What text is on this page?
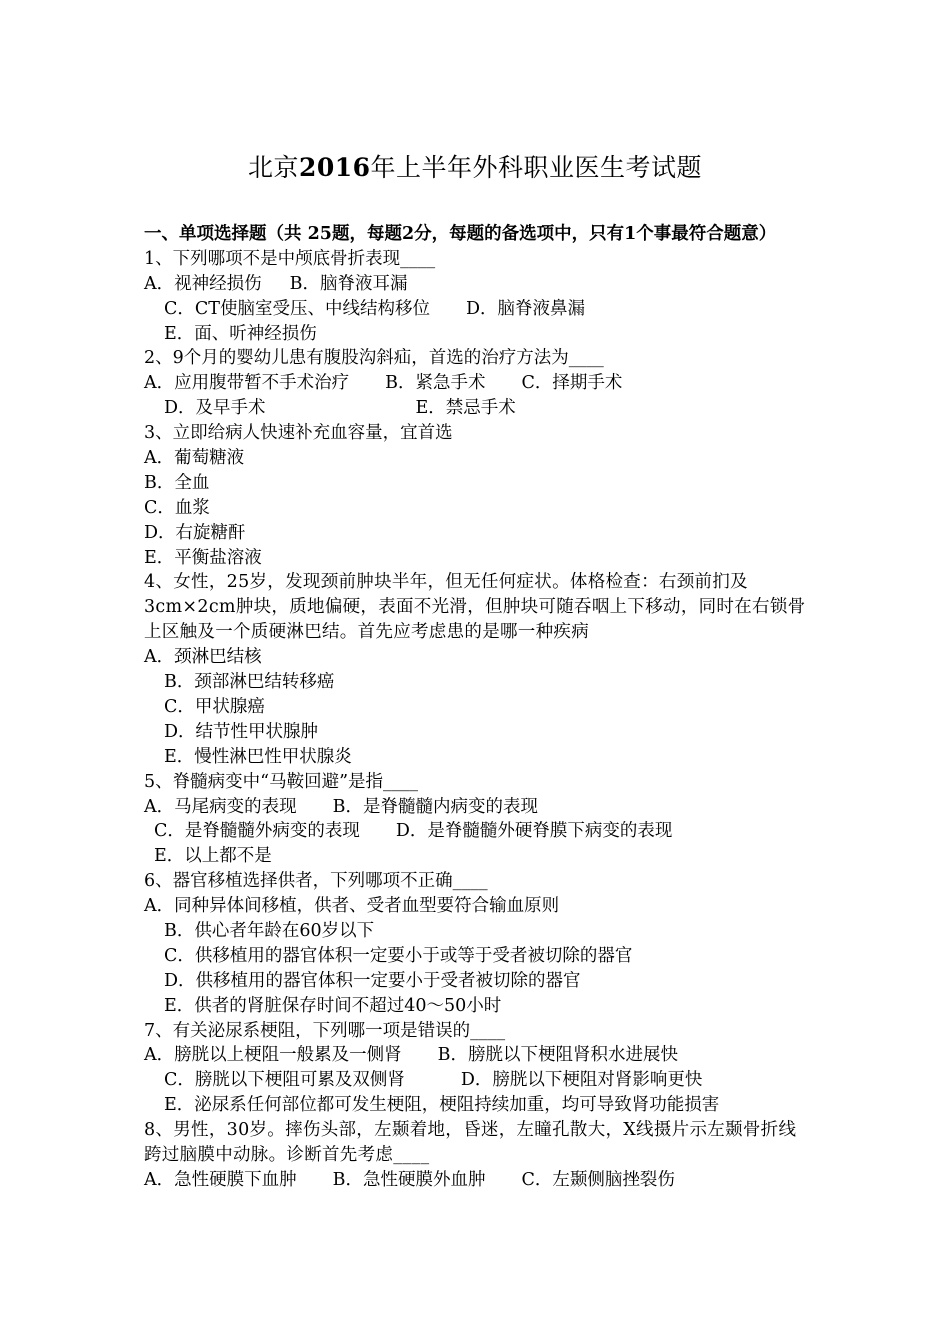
北京2016年上半年外科职业医生考试题
一、单项选择题（共 25题，每题2分，每题的备选项中，只有1个事最符合题意）
1、下列哪项不是中颅底骨折表现____
A．视神经损伤 B．脑脊液耳漏
C．CT使脑室受压、中线结构移位 D．脑脊液鼻漏
E．面、听神经损伤
2、9个月的婴幼儿患有腹股沟斜疝，首选的治疗方法为____
A．应用腹带暂不手术治疗 B．紧急手术 C．择期手术
D．及早手术	E．禁忌手术
3、立即给病人快速补充血容量，宜首选
A．葡萄糖液
B．全血
C．血浆
D．右旋糖酐
E．平衡盐溶液
4、女性，25岁，发现颈前肿块半年，但无任何症状。体格检查：右颈前扪及3cm×2cm肿块，质地偏硬，表面不光滑，但肿块可随吞咽上下移动，同时在右锁骨上区触及一个质硬淋巴结。首先应考虑患的是哪一种疾病
A．颈淋巴结核
B．颈部淋巴结转移癌
C．甲状腺癌
D．结节性甲状腺肿
E．慢性淋巴性甲状腺炎
5、脊髓病变中“马鞍回避”是指____
A．马尾病变的表现 B．是脊髓髓内病变的表现
C．是脊髓髓外病变的表现 D．是脊髓髓外硬脊膜下病变的表现
E．以上都不是
6、器官移植选择供者，下列哪项不正确____
A．同种异体间移植，供者、受者血型要符合输血原则
B．供心者年龄在60岁以下
C．供移植用的器官体积一定要小于或等于受者被切除的器官
D．供移植用的器官体积一定要小于受者被切除的器官
E．供者的肾脏保存时间不超过40～50小时
7、有关泌尿系梗阻，下列哪一项是错误的____
A．膀胱以上梗阻一般累及一侧肾 B．膀胱以下梗阻肾积水进展快
C．膀胱以下梗阻可累及双侧肾	D．膀胱以下梗阻对肾影响更快
E．泌尿系任何部位都可发生梗阻，梗阻持续加重，均可导致肾功能损害
8、男性，30岁。摔伤头部，左颞着地，昏迷，左瞳孔散大，X线摄片示左颞骨折线跨过脑膜中动脉。诊断首先考虑____
A．急性硬膜下血肿 B．急性硬膜外血肿 C．左颞侧脑挫裂伤
